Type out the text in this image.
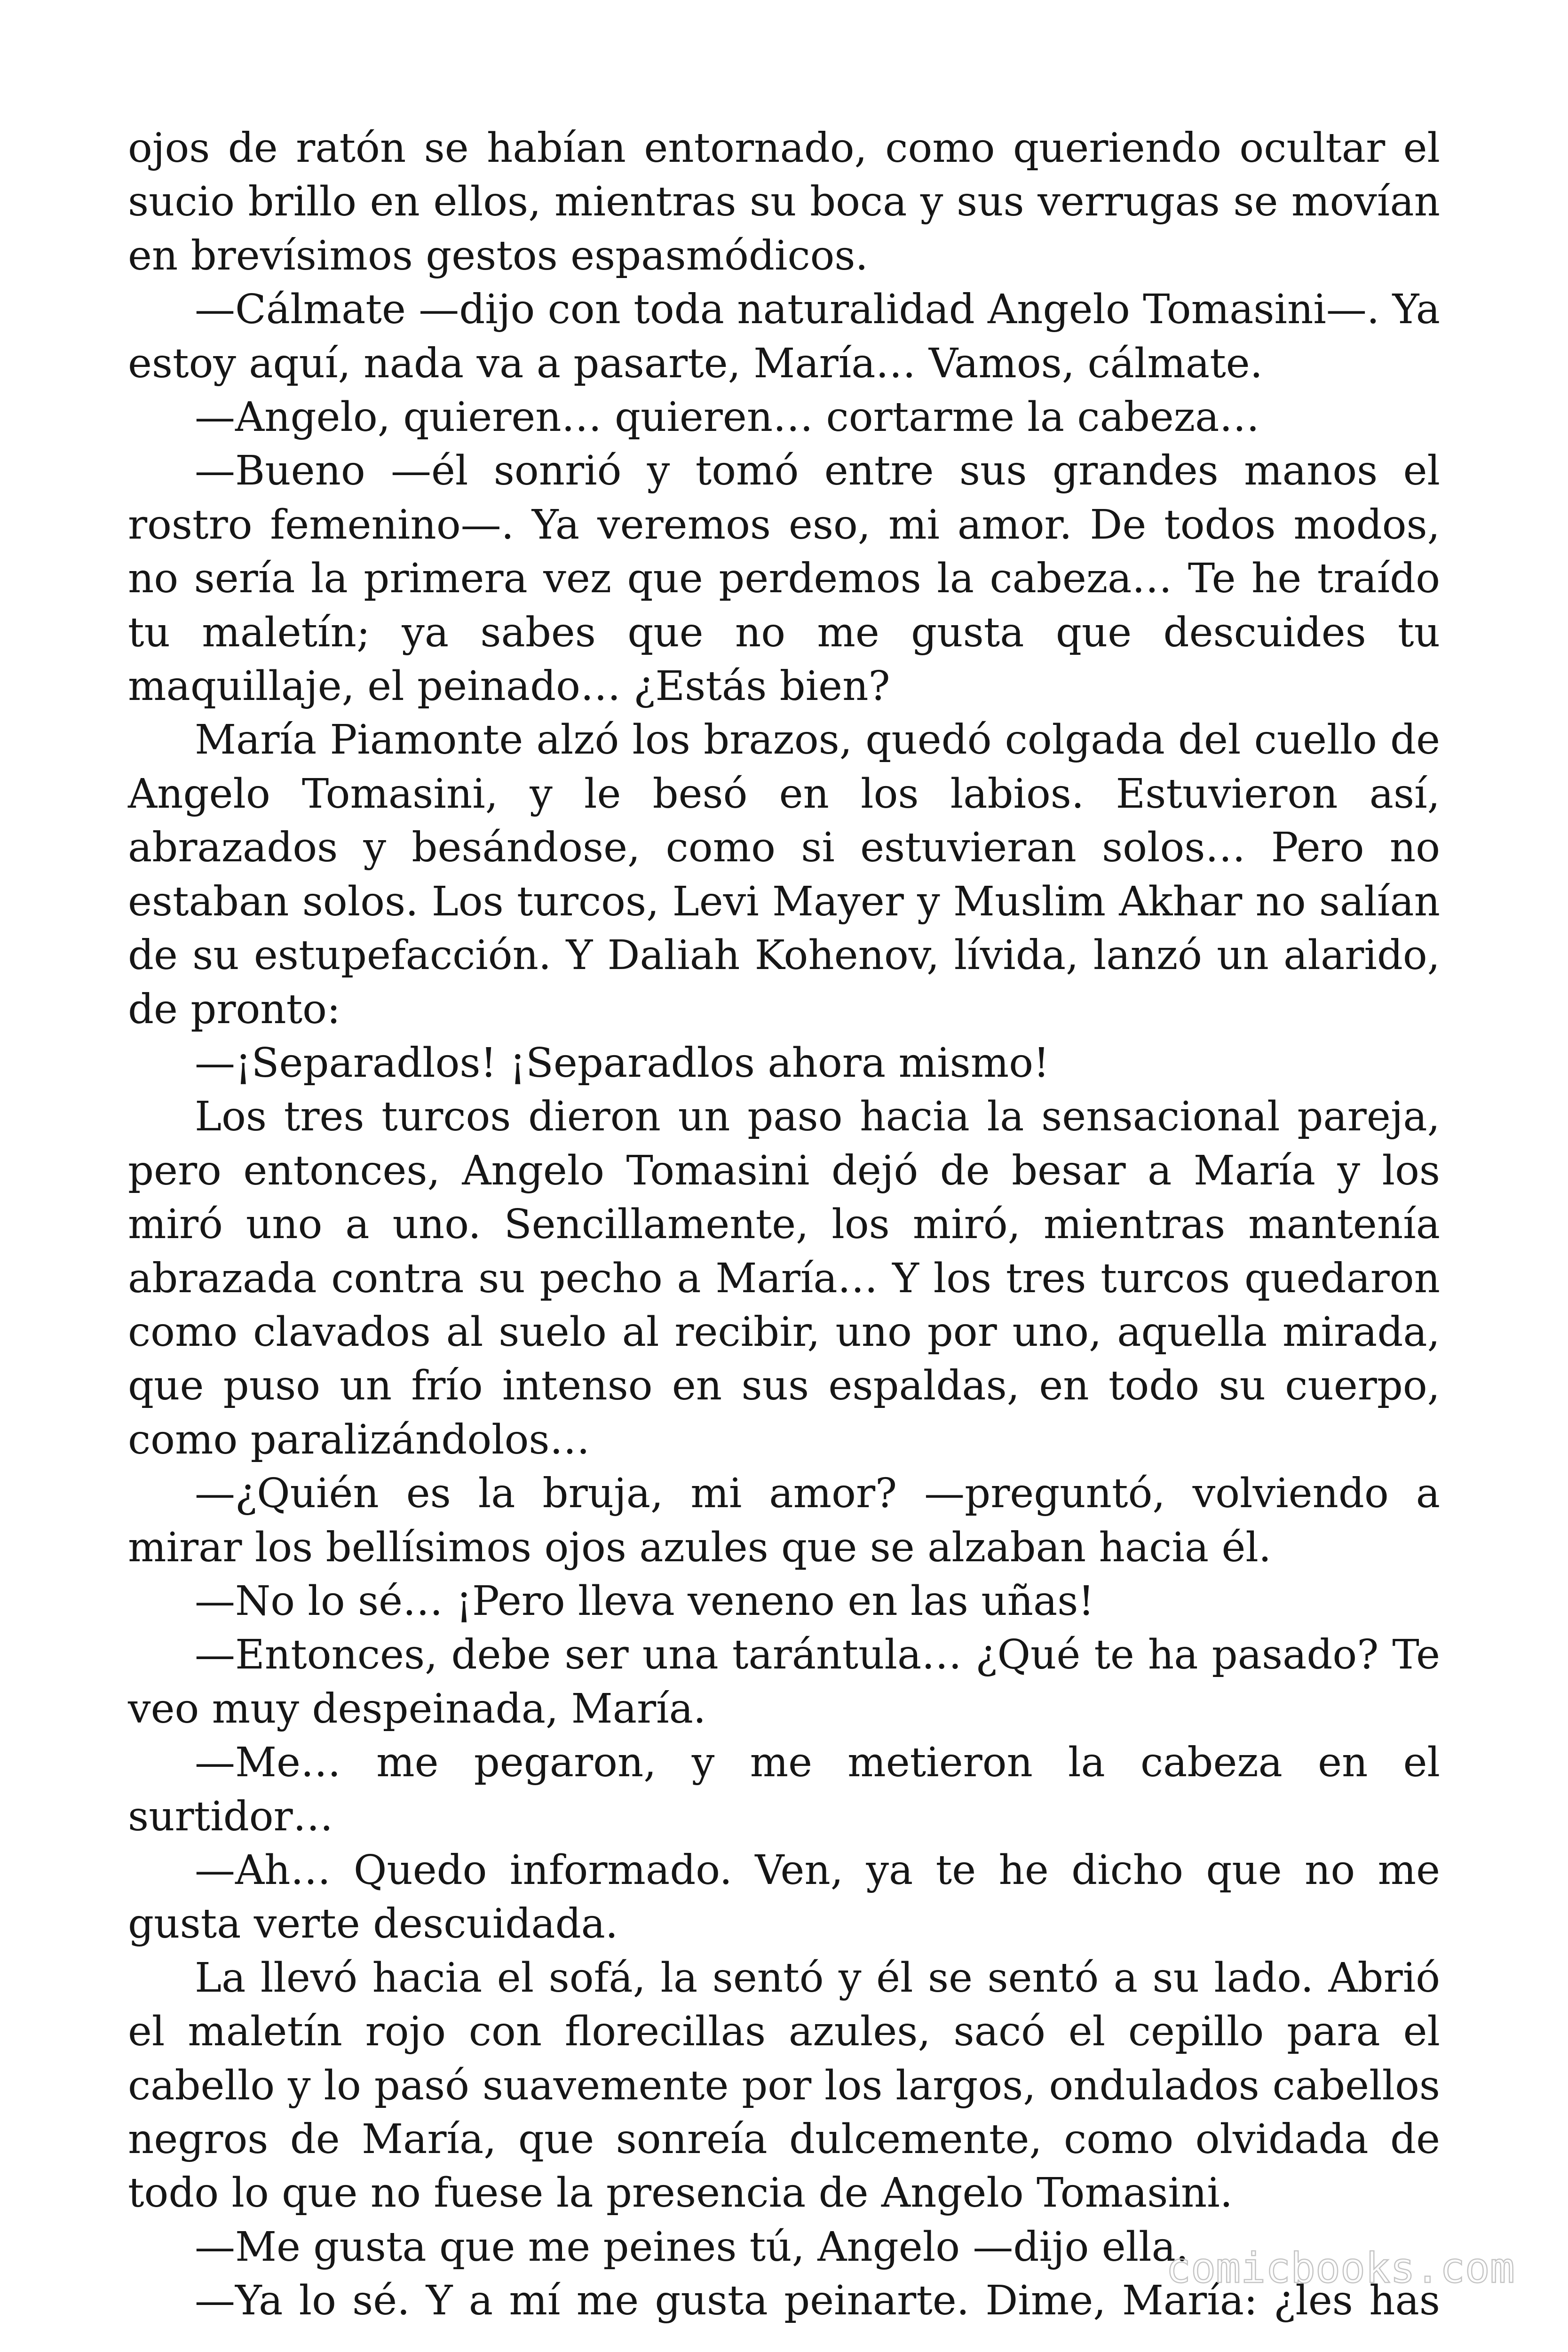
ojos de ratón se habían entornado, como queriendo ocultar el sucio brillo en ellos, mientras su boca y sus verrugas se movían en brevísimos gestos espasmódicos.

—Cálmate —dijo con toda naturalidad Angelo Tomasini—. Ya estoy aquí, nada va a pasarte, María… Vamos, cálmate.

—Angelo, quieren… quieren… cortarme la cabeza…

—Bueno —él sonrió y tomó entre sus grandes manos el rostro femenino—. Ya veremos eso, mi amor. De todos modos, no sería la primera vez que perdemos la cabeza… Te he traído tu maletín; ya sabes que no me gusta que descuides tu maquillaje, el peinado… ¿Estás bien?

María Piamonte alzó los brazos, quedó colgada del cuello de Angelo Tomasini, y le besó en los labios. Estuvieron así, abrazados y besándose, como si estuvieran solos… Pero no estaban solos. Los turcos, Levi Mayer y Muslim Akhar no salían de su estupefacción. Y Daliah Kohenov, lívida, lanzó un alarido, de pronto:

—¡Separadlos! ¡Separadlos ahora mismo!

Los tres turcos dieron un paso hacia la sensacional pareja, pero entonces, Angelo Tomasini dejó de besar a María y los miró uno a uno. Sencillamente, los miró, mientras mantenía abrazada contra su pecho a María… Y los tres turcos quedaron como clavados al suelo al recibir, uno por uno, aquella mirada, que puso un frío intenso en sus espaldas, en todo su cuerpo, como paralizándolos…

—¿Quién es la bruja, mi amor? —preguntó, volviendo a mirar los bellísimos ojos azules que se alzaban hacia él.

—No lo sé… ¡Pero lleva veneno en las uñas!

—Entonces, debe ser una tarántula… ¿Qué te ha pasado? Te veo muy despeinada, María.

—Me… me pegaron, y me metieron la cabeza en el surtidor…

—Ah… Quedo informado. Ven, ya te he dicho que no me gusta verte descuidada.

La llevó hacia el sofá, la sentó y él se sentó a su lado. Abrió el maletín rojo con florecillas azules, sacó el cepillo para el cabello y lo pasó suavemente por los largos, ondulados cabellos negros de María, que sonreía dulcemente, como olvidada de todo lo que no fuese la presencia de Angelo Tomasini.

—Me gusta que me peines tú, Angelo —dijo ella.

—Ya lo sé. Y a mí me gusta peinarte. Dime, María: ¿les has

comicbooks.com
